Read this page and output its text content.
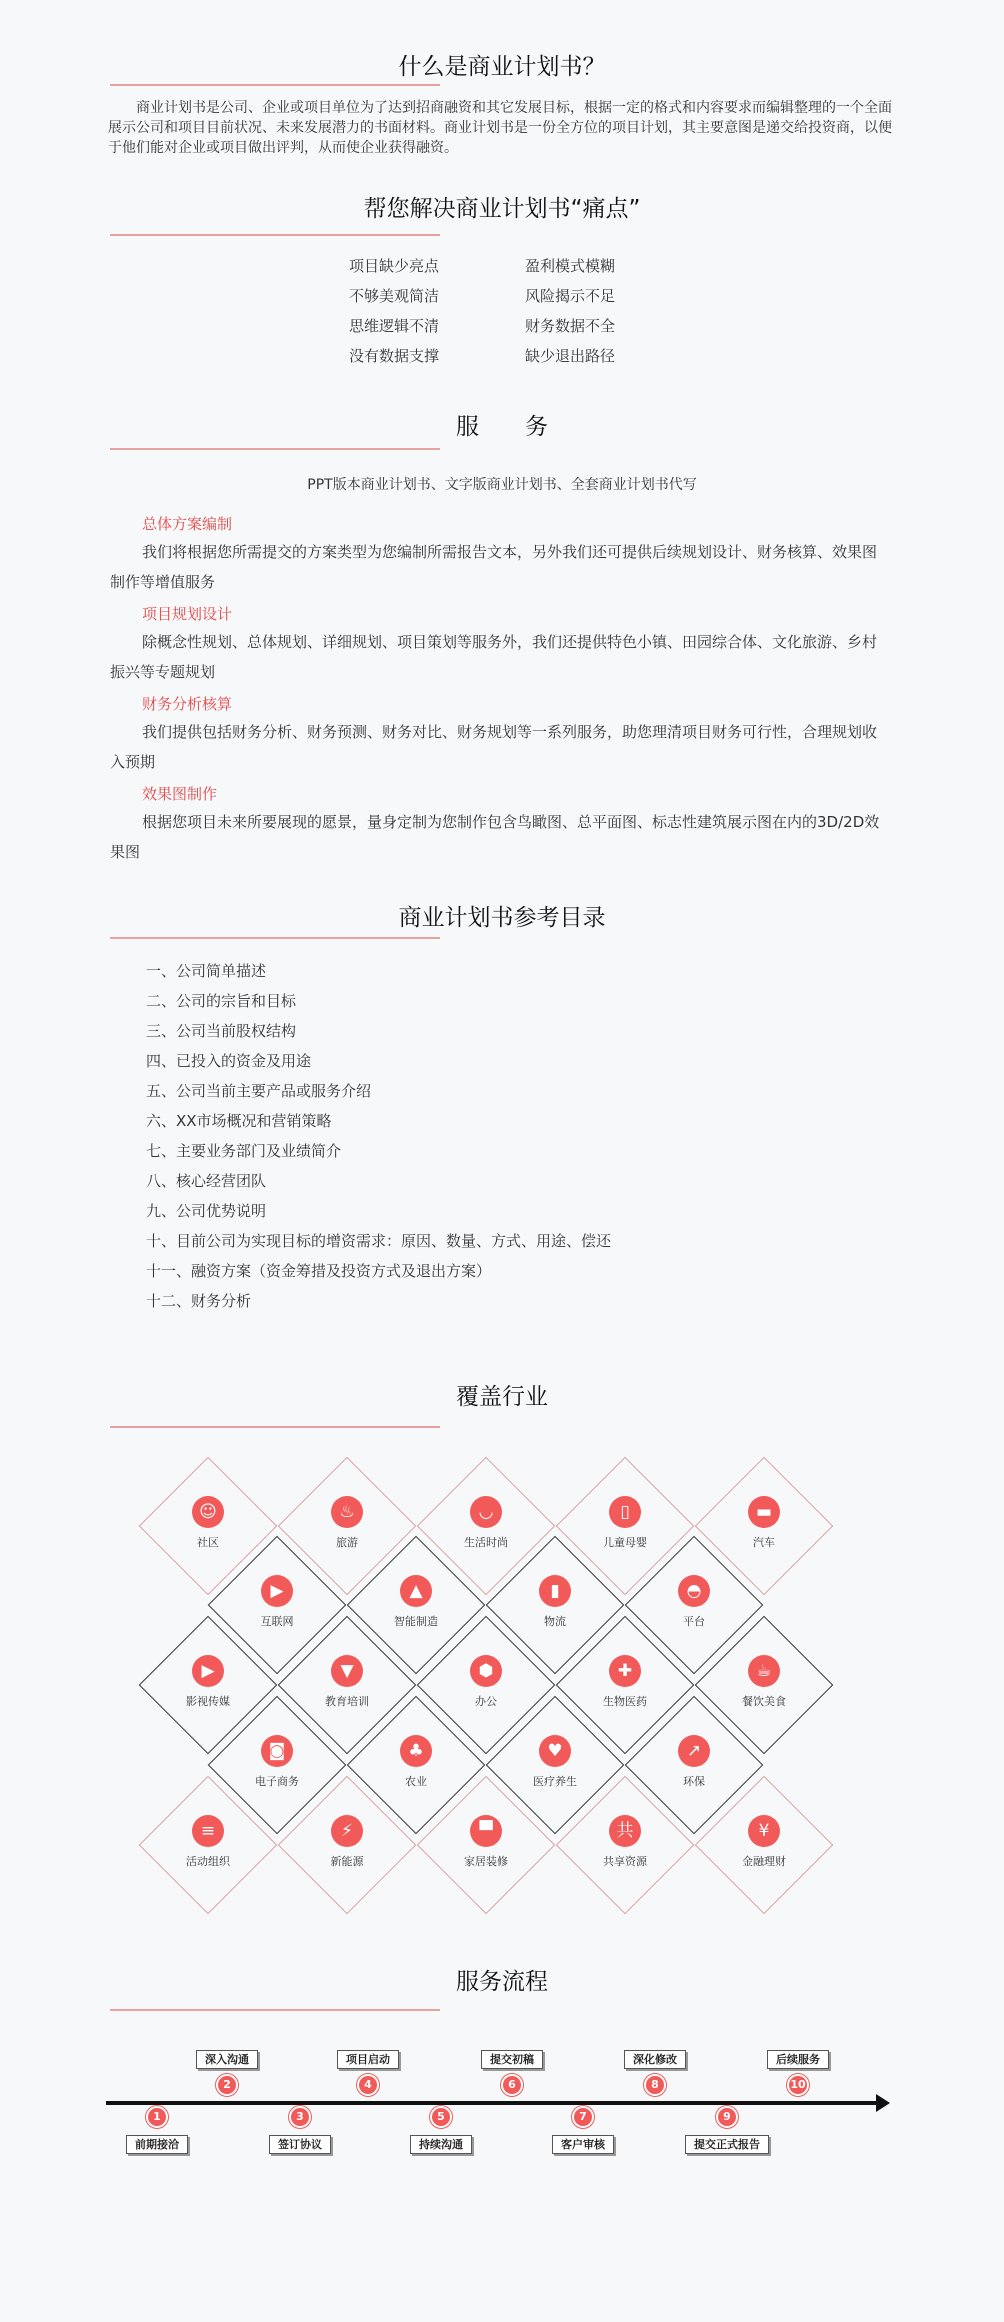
什么是商业计划书？
商业计划书是公司、企业或项目单位为了达到招商融资和其它发展目标，根据一定的格式和内容要求而编辑整理的一个全面展示公司和项目目前状况、未来发展潜力的书面材料。商业计划书是一份全方位的项目计划，其主要意图是递交给投资商，以便于他们能对企业或项目做出评判，从而使企业获得融资。
帮您解决商业计划书“痛点”
项目缺少亮点
不够美观简洁
思维逻辑不清
没有数据支撑
盈利模式模糊
风险揭示不足
财务数据不全
缺少退出路径
服　　务
PPT版本商业计划书、文字版商业计划书、全套商业计划书代写
总体方案编制
我们将根据您所需提交的方案类型为您编制所需报告文本，另外我们还可提供后续规划设计、财务核算、效果图制作等增值服务
项目规划设计
除概念性规划、总体规划、详细规划、项目策划等服务外，我们还提供特色小镇、田园综合体、文化旅游、乡村振兴等专题规划
财务分析核算
我们提供包括财务分析、财务预测、财务对比、财务规划等一系列服务，助您理清项目财务可行性，合理规划收入预期
效果图制作
根据您项目未来所要展现的愿景，量身定制为您制作包含鸟瞰图、总平面图、标志性建筑展示图在内的3D/2D效果图
商业计划书参考目录
一、公司简单描述
二、公司的宗旨和目标
三、公司当前股权结构
四、已投入的资金及用途
五、公司当前主要产品或服务介绍
六、XX市场概况和营销策略
七、主要业务部门及业绩简介
八、核心经营团队
九、公司优势说明
十、目前公司为实现目标的增资需求：原因、数量、方式、用途、偿还
十一、融资方案（资金筹措及投资方式及退出方案）
十二、财务分析
覆盖行业
☺
社区
♨
旅游
◡
生活时尚
▯
儿童母婴
▬
汽车
▶
互联网
▲
智能制造
▮
物流
◓
平台
▶
影视传媒
▼
教育培训
⬢
办公
✚
生物医药
☕
餐饮美食
◙
电子商务
♣
农业
♥
医疗养生
↗
环保
≡
活动组织
⚡
新能源
▀
家居装修
共
共享资源
¥
金融理财
服务流程
1
前期接洽
2
深入沟通
3
签订协议
4
项目启动
5
持续沟通
6
提交初稿
7
客户审核
8
深化修改
9
提交正式报告
10
后续服务
